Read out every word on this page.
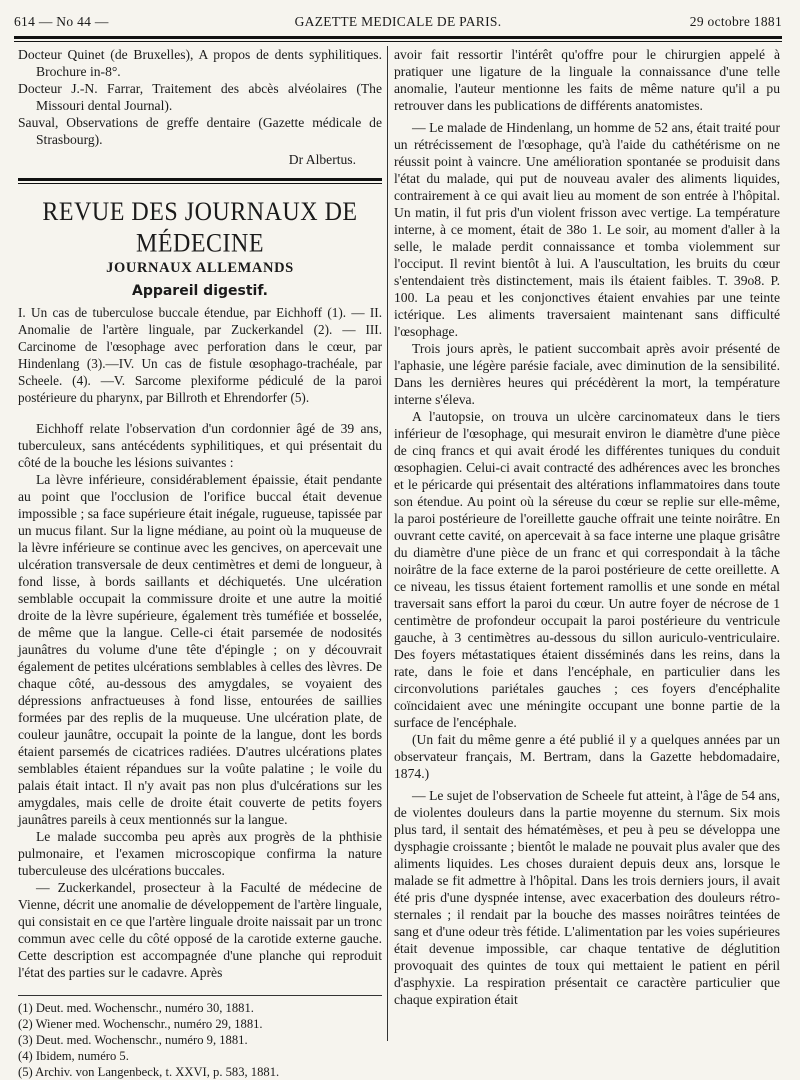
614 — No 44 —	GAZETTE MEDICALE DE PARIS.	29 octobre 1881

Docteur Quinet (de Bruxelles), A propos de dents syphilitiques. Brochure in-8°.

Docteur J.-N. Farrar, Traitement des abcès alvéolaires (The Missouri dental Journal).

Sauval, Observations de greffe dentaire (Gazette médicale de Strasbourg).

Dr Albertus.

REVUE DES JOURNAUX DE MÉDECINE

JOURNAUX ALLEMANDS

Appareil digestif.

I. Un cas de tuberculose buccale étendue, par Eichhoff (1). — II. Anomalie de l'artère linguale, par Zuckerkandel (2). — III. Carcinome de l'œsophage avec perforation dans le cœur, par Hindenlang (3).—IV. Un cas de fistule œsophago-trachéale, par Scheele. (4). —V. Sarcome plexiforme pédiculé de la paroi postérieure du pharynx, par Billroth et Ehrendorfer (5).

Eichhoff relate l'observation d'un cordonnier âgé de 39 ans, tuberculeux, sans antécédents syphilitiques, et qui présentait du côté de la bouche les lésions suivantes :

La lèvre inférieure, considérablement épaissie, était pendante au point que l'occlusion de l'orifice buccal était devenue impossible ; sa face supérieure était inégale, rugueuse, tapissée par un mucus filant. Sur la ligne médiane, au point où la muqueuse de la lèvre inférieure se continue avec les gencives, on apercevait une ulcération transversale de deux centimètres et demi de longueur, à fond lisse, à bords saillants et déchiquetés. Une ulcération semblable occupait la commissure droite et une autre la moitié droite de la lèvre supérieure, également très tuméfiée et bosselée, de même que la langue. Celle-ci était parsemée de nodosités jaunâtres du volume d'une tête d'épingle ; on y découvrait également de petites ulcérations semblables à celles des lèvres. De chaque côté, au-dessous des amygdales, se voyaient des dépressions anfractueuses à fond lisse, entourées de saillies formées par des replis de la muqueuse. Une ulcération plate, de couleur jaunâtre, occupait la pointe de la langue, dont les bords étaient parsemés de cicatrices radiées. D'autres ulcérations plates semblables étaient répandues sur la voûte palatine ; le voile du palais était intact. Il n'y avait pas non plus d'ulcérations sur les amygdales, mais celle de droite était couverte de petits foyers jaunâtres pareils à ceux mentionnés sur la langue.

Le malade succomba peu après aux progrès de la phthisie pulmonaire, et l'examen microscopique confirma la nature tuberculeuse des ulcérations buccales.

— Zuckerkandel, prosecteur à la Faculté de médecine de Vienne, décrit une anomalie de développement de l'artère linguale, qui consistait en ce que l'artère linguale droite naissait par un tronc commun avec celle du côté opposé de la carotide externe gauche. Cette description est accompagnée d'une planche qui reproduit l'état des parties sur le cadavre. Après

(1) Deut. med. Wochenschr., numéro 30, 1881.

(2) Wiener med. Wochenschr., numéro 29, 1881.

(3) Deut. med. Wochenschr., numéro 9, 1881.

(4) Ibidem, numéro 5.

(5) Archiv. von Langenbeck, t. XXVI, p. 583, 1881.

avoir fait ressortir l'intérêt qu'offre pour le chirurgien appelé à pratiquer une ligature de la linguale la connaissance d'une telle anomalie, l'auteur mentionne les faits de même nature qu'il a pu retrouver dans les publications de différents anatomistes.

— Le malade de Hindenlang, un homme de 52 ans, était traité pour un rétrécissement de l'œsophage, qu'à l'aide du cathétérisme on ne réussit point à vaincre. Une amélioration spontanée se produisit dans l'état du malade, qui put de nouveau avaler des aliments liquides, contrairement à ce qui avait lieu au moment de son entrée à l'hôpital. Un matin, il fut pris d'un violent frisson avec vertige. La température interne, à ce moment, était de 38o 1. Le soir, au moment d'aller à la selle, le malade perdit connaissance et tomba violemment sur l'occiput. Il revint bientôt à lui. A l'auscultation, les bruits du cœur s'entendaient très distinctement, mais ils étaient faibles. T. 39o8. P. 100. La peau et les conjonctives étaient envahies par une teinte ictérique. Les aliments traversaient maintenant sans difficulté l'œsophage.

Trois jours après, le patient succombait après avoir présenté de l'aphasie, une légère parésie faciale, avec diminution de la sensibilité. Dans les dernières heures qui précédèrent la mort, la température interne s'éleva.

A l'autopsie, on trouva un ulcère carcinomateux dans le tiers inférieur de l'œsophage, qui mesurait environ le diamètre d'une pièce de cinq francs et qui avait érodé les différentes tuniques du conduit œsophagien. Celui-ci avait contracté des adhérences avec les bronches et le péricarde qui présentait des altérations inflammatoires dans toute son étendue. Au point où la séreuse du cœur se replie sur elle-même, la paroi postérieure de l'oreillette gauche offrait une teinte noirâtre. En ouvrant cette cavité, on apercevait à sa face interne une plaque grisâtre du diamètre d'une pièce de un franc et qui correspondait à la tâche noirâtre de la face externe de la paroi postérieure de cette oreillette. A ce niveau, les tissus étaient fortement ramollis et une sonde en métal traversait sans effort la paroi du cœur. Un autre foyer de nécrose de 1 centimètre de profondeur occupait la paroi postérieure du ventricule gauche, à 3 centimètres au-dessous du sillon auriculo-ventriculaire. Des foyers métastatiques étaient disséminés dans les reins, dans la rate, dans le foie et dans l'encéphale, en particulier dans les circonvolutions pariétales gauches ; ces foyers d'encéphalite coïncidaient avec une méningite occupant une bonne partie de la surface de l'encéphale.

(Un fait du même genre a été publié il y a quelques années par un observateur français, M. Bertram, dans la Gazette hebdomadaire, 1874.)

— Le sujet de l'observation de Scheele fut atteint, à l'âge de 54 ans, de violentes douleurs dans la partie moyenne du sternum. Six mois plus tard, il sentait des hématémèses, et peu à peu se développa une dysphagie croissante ; bientôt le malade ne pouvait plus avaler que des aliments liquides. Les choses duraient depuis deux ans, lorsque le malade se fit admettre à l'hôpital. Dans les trois derniers jours, il avait été pris d'une dyspnée intense, avec exacerbation des douleurs rétro-sternales ; il rendait par la bouche des masses noirâtres teintées de sang et d'une odeur très fétide. L'alimentation par les voies supérieures était devenue impossible, car chaque tentative de déglutition provoquait des quintes de toux qui mettaient le patient en péril d'asphyxie. La respiration présentait ce caractère particulier que chaque expiration était
